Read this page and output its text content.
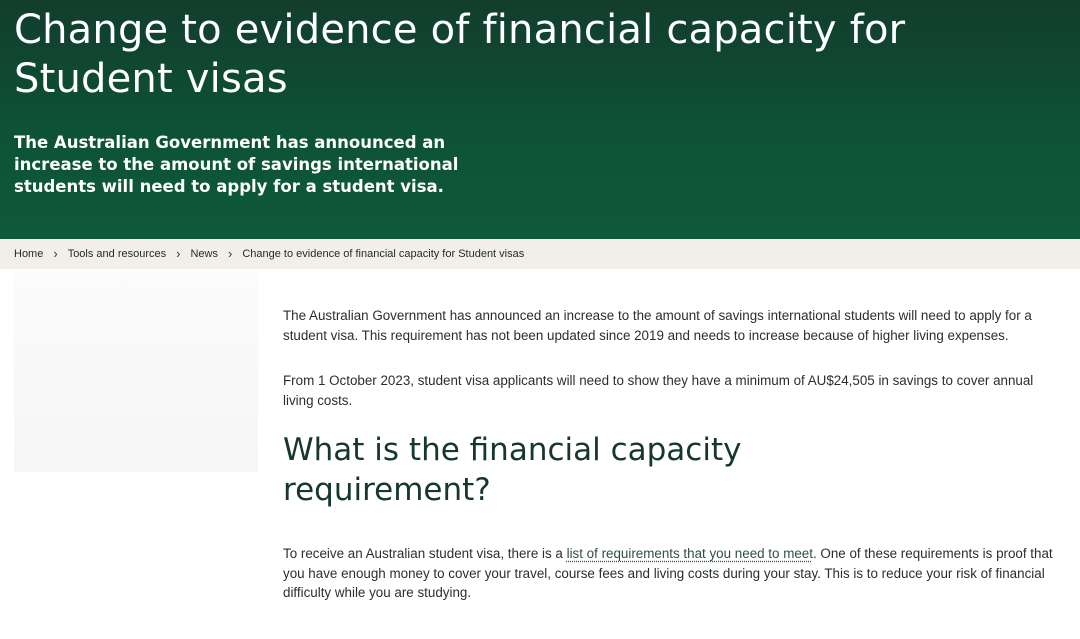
Change to evidence of financial capacity for Student visas

The Australian Government has announced an increase to the amount of savings international students will need to apply for a student visa.

Home › Tools and resources › News › Change to evidence of financial capacity for Student visas

The Australian Government has announced an increase to the amount of savings international students will need to apply for a student visa. This requirement has not been updated since 2019 and needs to increase because of higher living expenses.

From 1 October 2023, student visa applicants will need to show they have a minimum of AU$24,505 in savings to cover annual living costs.

What is the financial capacity requirement?

To receive an Australian student visa, there is a list of requirements that you need to meet. One of these requirements is proof that you have enough money to cover your travel, course fees and living costs during your stay. This is to reduce your risk of financial difficulty while you are studying.
